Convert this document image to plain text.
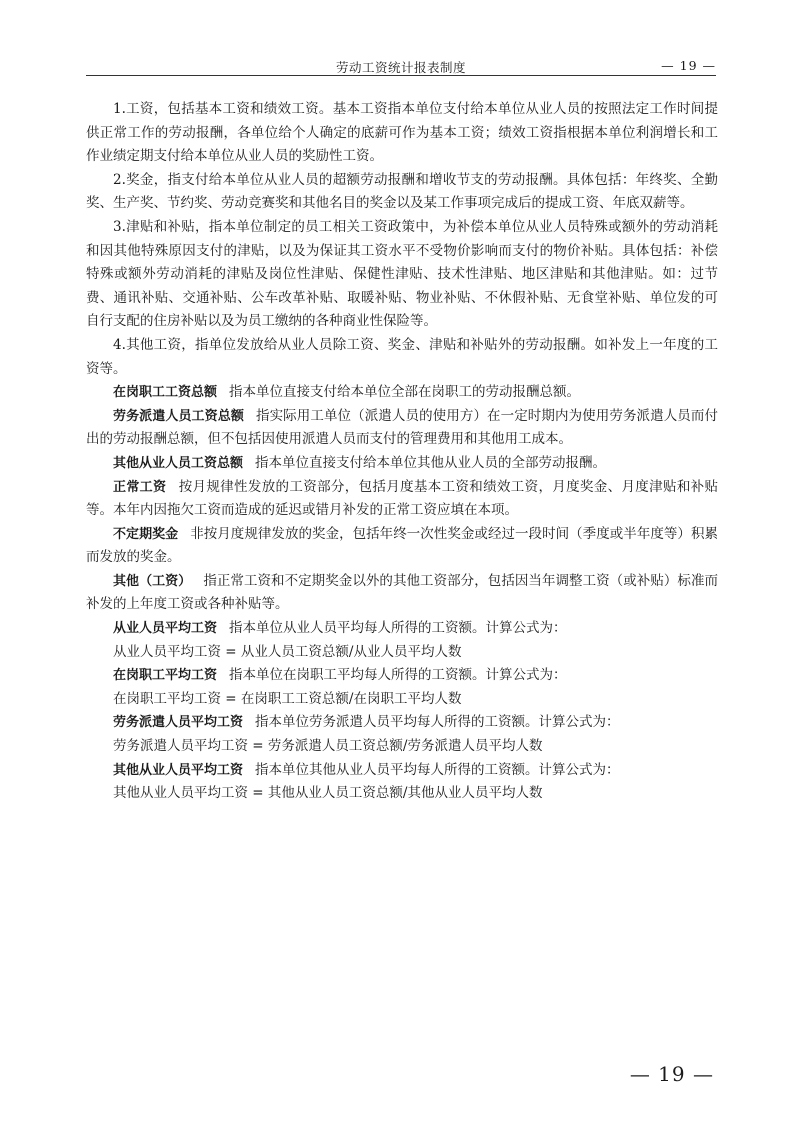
劳动工资统计报表制度	— 19 —

1.工资，包括基本工资和绩效工资。基本工资指本单位支付给本单位从业人员的按照法定工作时间提供正常工作的劳动报酬，各单位给个人确定的底薪可作为基本工资；绩效工资指根据本单位利润增长和工作业绩定期支付给本单位从业人员的奖励性工资。

2.奖金，指支付给本单位从业人员的超额劳动报酬和增收节支的劳动报酬。具体包括：年终奖、全勤奖、生产奖、节约奖、劳动竞赛奖和其他名目的奖金以及某工作事项完成后的提成工资、年底双薪等。

3.津贴和补贴，指本单位制定的员工相关工资政策中，为补偿本单位从业人员特殊或额外的劳动消耗和因其他特殊原因支付的津贴，以及为保证其工资水平不受物价影响而支付的物价补贴。具体包括：补偿特殊或额外劳动消耗的津贴及岗位性津贴、保健性津贴、技术性津贴、地区津贴和其他津贴。如：过节费、通讯补贴、交通补贴、公车改革补贴、取暖补贴、物业补贴、不休假补贴、无食堂补贴、单位发的可自行支配的住房补贴以及为员工缴纳的各种商业性保险等。

4.其他工资，指单位发放给从业人员除工资、奖金、津贴和补贴外的劳动报酬。如补发上一年度的工资等。

在岗职工工资总额 指本单位直接支付给本单位全部在岗职工的劳动报酬总额。

劳务派遣人员工资总额 指实际用工单位（派遣人员的使用方）在一定时期内为使用劳务派遣人员而付出的劳动报酬总额，但不包括因使用派遣人员而支付的管理费用和其他用工成本。

其他从业人员工资总额 指本单位直接支付给本单位其他从业人员的全部劳动报酬。

正常工资 按月规律性发放的工资部分，包括月度基本工资和绩效工资，月度奖金、月度津贴和补贴等。本年内因拖欠工资而造成的延迟或错月补发的正常工资应填在本项。

不定期奖金 非按月度规律发放的奖金，包括年终一次性奖金或经过一段时间（季度或半年度等）积累而发放的奖金。

其他（工资） 指正常工资和不定期奖金以外的其他工资部分，包括因当年调整工资（或补贴）标准而补发的上年度工资或各种补贴等。

从业人员平均工资 指本单位从业人员平均每人所得的工资额。计算公式为：

从业人员平均工资 = 从业人员工资总额/从业人员平均人数

在岗职工平均工资 指本单位在岗职工平均每人所得的工资额。计算公式为：

在岗职工平均工资 = 在岗职工工资总额/在岗职工平均人数

劳务派遣人员平均工资 指本单位劳务派遣人员平均每人所得的工资额。计算公式为：

劳务派遣人员平均工资 = 劳务派遣人员工资总额/劳务派遣人员平均人数

其他从业人员平均工资 指本单位其他从业人员平均每人所得的工资额。计算公式为：

其他从业人员平均工资 = 其他从业人员工资总额/其他从业人员平均人数

— 19 —
